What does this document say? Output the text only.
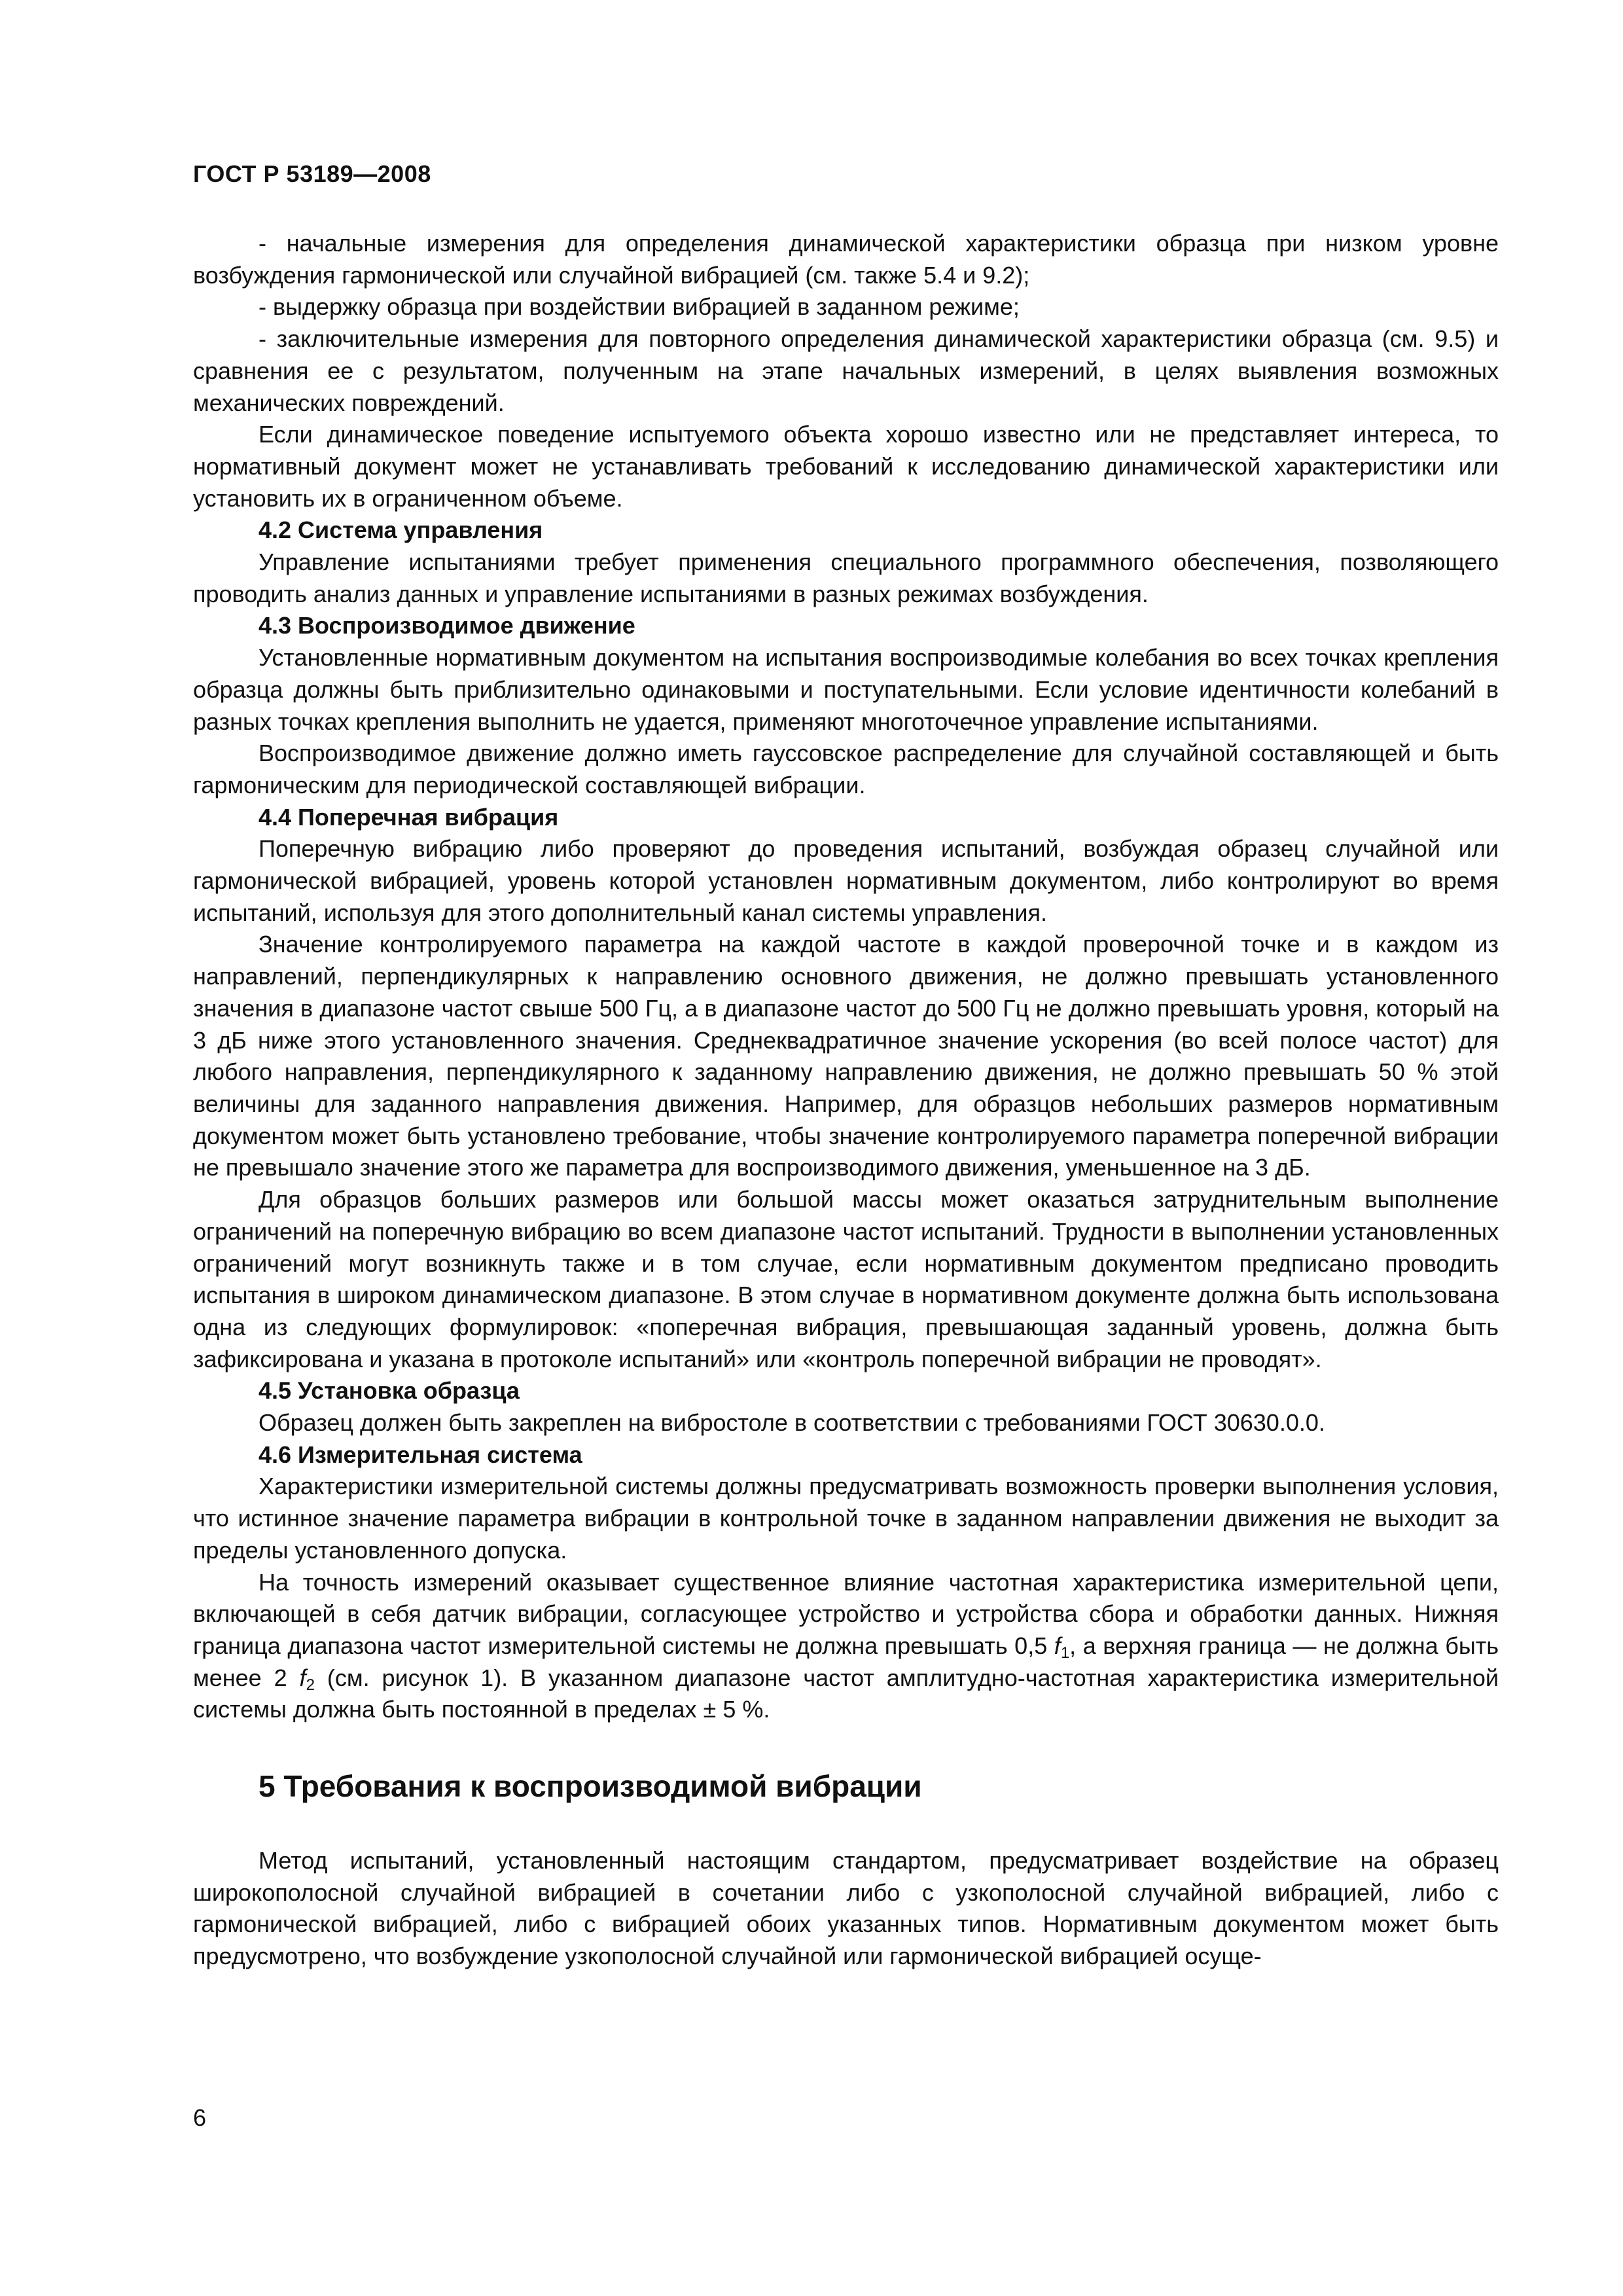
ГОСТ Р 53189—2008

- начальные измерения для определения динамической характеристики образца при низком уровне возбуждения гармонической или случайной вибрацией (см. также 5.4 и 9.2);

- выдержку образца при воздействии вибрацией в заданном режиме;

- заключительные измерения для повторного определения динамической характеристики образца (см. 9.5) и сравнения ее с результатом, полученным на этапе начальных измерений, в целях выявления возможных механических повреждений.

Если динамическое поведение испытуемого объекта хорошо известно или не представляет интереса, то нормативный документ может не устанавливать требований к исследованию динамической характеристики или установить их в ограниченном объеме.

4.2 Система управления

Управление испытаниями требует применения специального программного обеспечения, позволяющего проводить анализ данных и управление испытаниями в разных режимах возбуждения.

4.3 Воспроизводимое движение

Установленные нормативным документом на испытания воспроизводимые колебания во всех точках крепления образца должны быть приблизительно одинаковыми и поступательными. Если условие идентичности колебаний в разных точках крепления выполнить не удается, применяют многоточечное управление испытаниями.

Воспроизводимое движение должно иметь гауссовское распределение для случайной составляющей и быть гармоническим для периодической составляющей вибрации.

4.4 Поперечная вибрация

Поперечную вибрацию либо проверяют до проведения испытаний, возбуждая образец случайной или гармонической вибрацией, уровень которой установлен нормативным документом, либо контролируют во время испытаний, используя для этого дополнительный канал системы управления.

Значение контролируемого параметра на каждой частоте в каждой проверочной точке и в каждом из направлений, перпендикулярных к направлению основного движения, не должно превышать установленного значения в диапазоне частот свыше 500 Гц, а в диапазоне частот до 500 Гц не должно превышать уровня, который на 3 дБ ниже этого установленного значения. Среднеквадратичное значение ускорения (во всей полосе частот) для любого направления, перпендикулярного к заданному направлению движения, не должно превышать 50 % этой величины для заданного направления движения. Например, для образцов небольших размеров нормативным документом может быть установлено требование, чтобы значение контролируемого параметра поперечной вибрации не превышало значение этого же параметра для воспроизводимого движения, уменьшенное на 3 дБ.

Для образцов больших размеров или большой массы может оказаться затруднительным выполнение ограничений на поперечную вибрацию во всем диапазоне частот испытаний. Трудности в выполнении установленных ограничений могут возникнуть также и в том случае, если нормативным документом предписано проводить испытания в широком динамическом диапазоне. В этом случае в нормативном документе должна быть использована одна из следующих формулировок: «поперечная вибрация, превышающая заданный уровень, должна быть зафиксирована и указана в протоколе испытаний» или «контроль поперечной вибрации не проводят».

4.5 Установка образца

Образец должен быть закреплен на вибростоле в соответствии с требованиями ГОСТ 30630.0.0.

4.6 Измерительная система

Характеристики измерительной системы должны предусматривать возможность проверки выполнения условия, что истинное значение параметра вибрации в контрольной точке в заданном направлении движения не выходит за пределы установленного допуска.

На точность измерений оказывает существенное влияние частотная характеристика измерительной цепи, включающей в себя датчик вибрации, согласующее устройство и устройства сбора и обработки данных. Нижняя граница диапазона частот измерительной системы не должна превышать 0,5 $f_1$, а верхняя граница — не должна быть менее 2 $f_2$ (см. рисунок 1). В указанном диапазоне частот амплитудно-частотная характеристика измерительной системы должна быть постоянной в пределах ± 5 %.

5 Требования к воспроизводимой вибрации

Метод испытаний, установленный настоящим стандартом, предусматривает воздействие на образец широкополосной случайной вибрацией в сочетании либо с узкополосной случайной вибрацией, либо с гармонической вибрацией, либо с вибрацией обоих указанных типов. Нормативным документом может быть предусмотрено, что возбуждение узкополосной случайной или гармонической вибрацией осуще-

6
